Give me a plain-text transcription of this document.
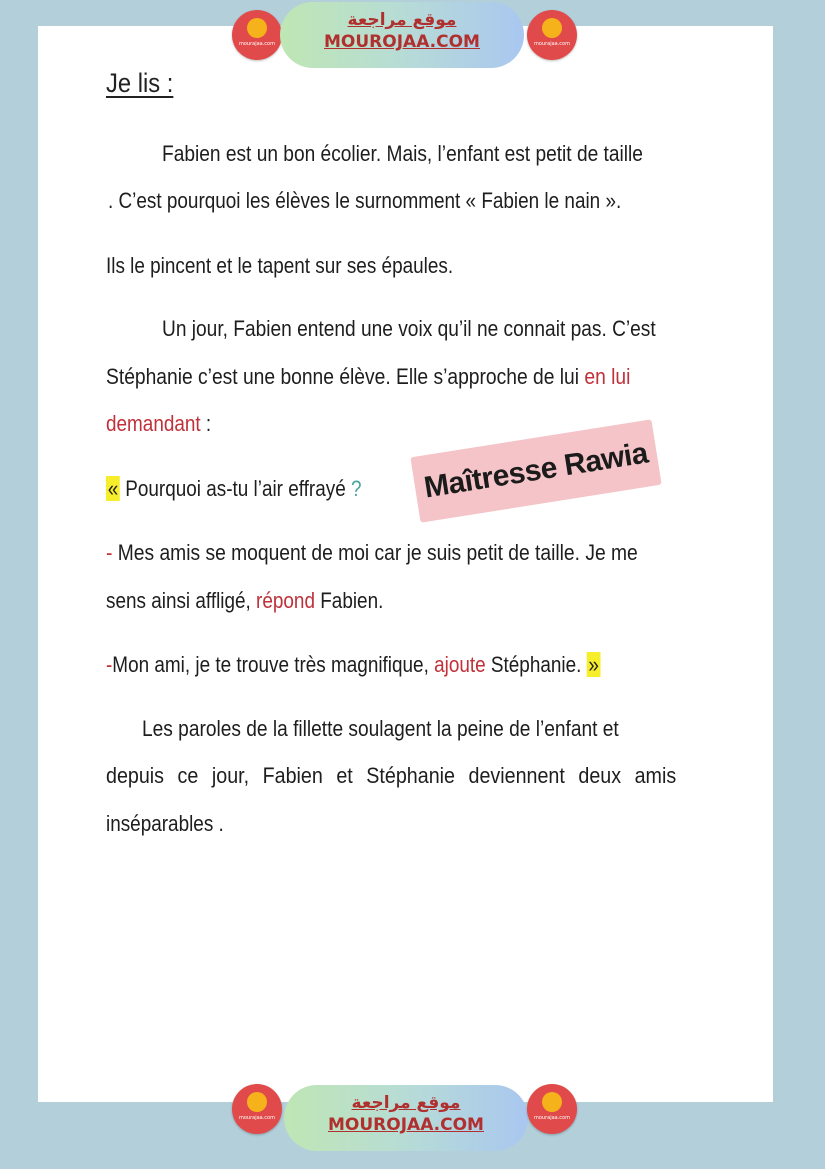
mourajaa.com
موقع مراجعة
MOUROJAA.COM	mourajaa.com
Je lis :
Fabien est un bon écolier. Mais, l’enfant est petit de taille
. C’est pourquoi les élèves le surnomment « Fabien le nain ».
Ils le pincent et le tapent sur ses épaules.
Un jour, Fabien entend une voix qu’il ne connait pas. C’est
Stéphanie c’est une bonne élève. Elle s’approche de lui en lui
demandant :
« Pourquoi as-tu l’air effrayé ?
- Mes amis se moquent de moi car je suis petit de taille. Je me
sens ainsi affligé, répond Fabien.
-Mon ami, je te trouve très magnifique, ajoute Stéphanie. »
Les paroles de la fillette soulagent la peine de l’enfant et
depuis ce jour, Fabien et Stéphanie deviennent deux amis
inséparables .
Maîtresse Rawia
mourajaa.com
موقع مراجعة
MOUROJAA.COM	mourajaa.com
